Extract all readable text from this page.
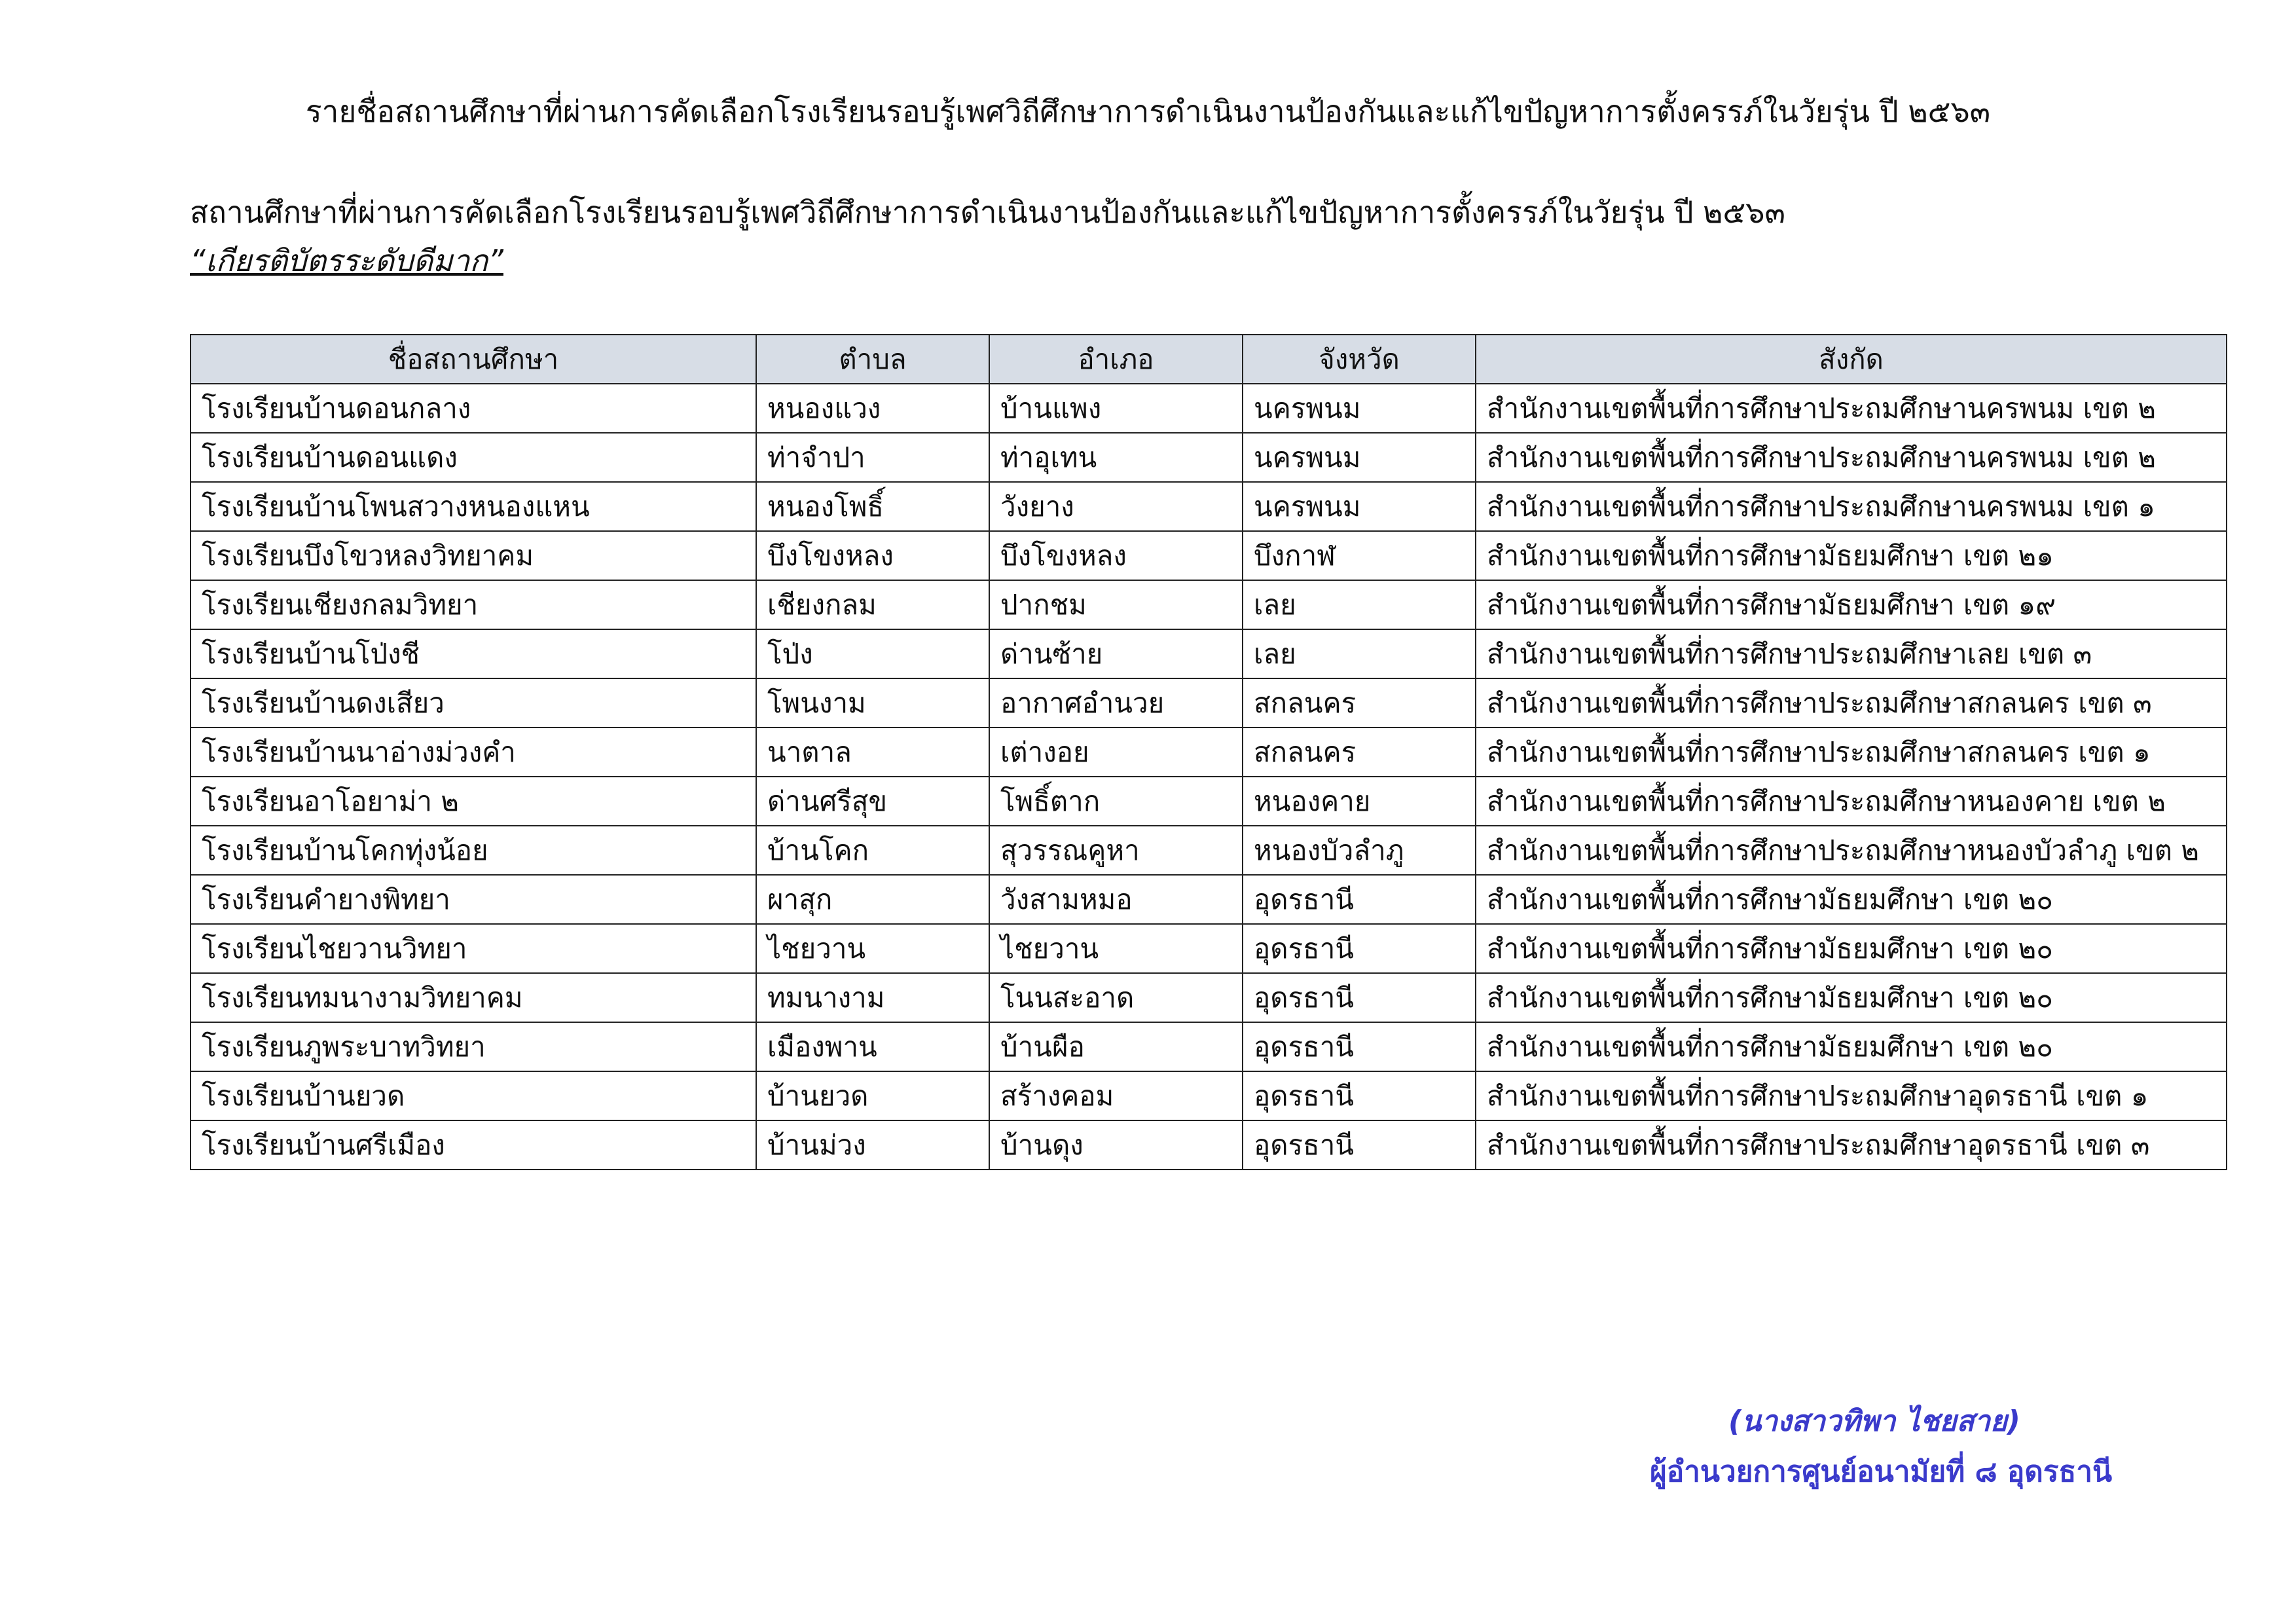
รายชื่อสถานศึกษาที่ผ่านการคัดเลือกโรงเรียนรอบรู้เพศวิถีศึกษาการดำเนินงานป้องกันและแก้ไขปัญหาการตั้งครรภ์ในวัยรุ่น ปี ๒๕๖๓
สถานศึกษาที่ผ่านการคัดเลือกโรงเรียนรอบรู้เพศวิถีศึกษาการดำเนินงานป้องกันและแก้ไขปัญหาการตั้งครรภ์ในวัยรุ่น ปี ๒๕๖๓
“เกียรติบัตรระดับดีมาก”
ชื่อสถานศึกษา	ตำบล	อำเภอ	จังหวัด	สังกัด
โรงเรียนบ้านดอนกลาง	หนองแวง	บ้านแพง	นครพนม	สำนักงานเขตพื้นที่การศึกษาประถมศึกษานครพนม เขต ๒
โรงเรียนบ้านดอนแดง	ท่าจำปา	ท่าอุเทน	นครพนม	สำนักงานเขตพื้นที่การศึกษาประถมศึกษานครพนม เขต ๒
โรงเรียนบ้านโพนสวางหนองแหน	หนองโพธิ์	วังยาง	นครพนม	สำนักงานเขตพื้นที่การศึกษาประถมศึกษานครพนม เขต ๑
โรงเรียนบึงโขวหลงวิทยาคม	บึงโขงหลง	บึงโขงหลง	บึงกาฬ	สำนักงานเขตพื้นที่การศึกษามัธยมศึกษา เขต ๒๑
โรงเรียนเชียงกลมวิทยา	เชียงกลม	ปากชม	เลย	สำนักงานเขตพื้นที่การศึกษามัธยมศึกษา เขต ๑๙
โรงเรียนบ้านโป่งชี	โป่ง	ด่านซ้าย	เลย	สำนักงานเขตพื้นที่การศึกษาประถมศึกษาเลย เขต ๓
โรงเรียนบ้านดงเสียว	โพนงาม	อากาศอำนวย	สกลนคร	สำนักงานเขตพื้นที่การศึกษาประถมศึกษาสกลนคร เขต ๓
โรงเรียนบ้านนาอ่างม่วงคำ	นาตาล	เต่างอย	สกลนคร	สำนักงานเขตพื้นที่การศึกษาประถมศึกษาสกลนคร เขต ๑
โรงเรียนอาโอยาม่า ๒	ด่านศรีสุข	โพธิ์ตาก	หนองคาย	สำนักงานเขตพื้นที่การศึกษาประถมศึกษาหนองคาย เขต ๒
โรงเรียนบ้านโคกทุ่งน้อย	บ้านโคก	สุวรรณคูหา	หนองบัวลำภู	สำนักงานเขตพื้นที่การศึกษาประถมศึกษาหนองบัวลำภู เขต ๒
โรงเรียนคำยางพิทยา	ผาสุก	วังสามหมอ	อุดรธานี	สำนักงานเขตพื้นที่การศึกษามัธยมศึกษา เขต ๒๐
โรงเรียนไชยวานวิทยา	ไชยวาน	ไชยวาน	อุดรธานี	สำนักงานเขตพื้นที่การศึกษามัธยมศึกษา เขต ๒๐
โรงเรียนทมนางามวิทยาคม	ทมนางาม	โนนสะอาด	อุดรธานี	สำนักงานเขตพื้นที่การศึกษามัธยมศึกษา เขต ๒๐
โรงเรียนภูพระบาทวิทยา	เมืองพาน	บ้านผือ	อุดรธานี	สำนักงานเขตพื้นที่การศึกษามัธยมศึกษา เขต ๒๐
โรงเรียนบ้านยวด	บ้านยวด	สร้างคอม	อุดรธานี	สำนักงานเขตพื้นที่การศึกษาประถมศึกษาอุดรธานี เขต ๑
โรงเรียนบ้านศรีเมือง	บ้านม่วง	บ้านดุง	อุดรธานี	สำนักงานเขตพื้นที่การศึกษาประถมศึกษาอุดรธานี เขต ๓
(นางสาวทิพา ไชยสาย)
ผู้อำนวยการศูนย์อนามัยที่ ๘ อุดรธานี
